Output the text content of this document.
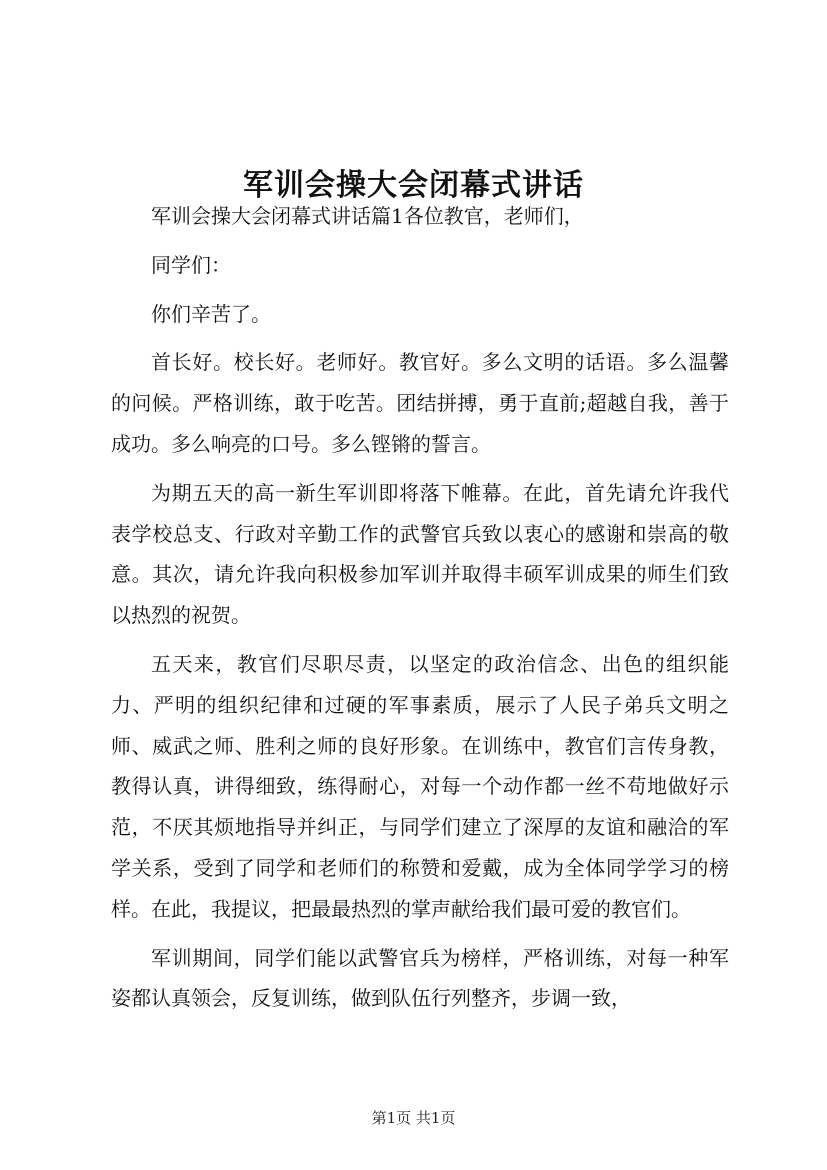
军训会操大会闭幕式讲话

军训会操大会闭幕式讲话篇1各位教官，老师们，

同学们：

你们辛苦了。

首长好。校长好。老师好。教官好。多么文明的话语。多么温馨的问候。严格训练，敢于吃苦。团结拼搏，勇于直前;超越自我，善于成功。多么响亮的口号。多么铿锵的誓言。

为期五天的高一新生军训即将落下帷幕。在此，首先请允许我代表学校总支、行政对辛勤工作的武警官兵致以衷心的感谢和崇高的敬意。其次，请允许我向积极参加军训并取得丰硕军训成果的师生们致以热烈的祝贺。

五天来，教官们尽职尽责，以坚定的政治信念、出色的组织能力、严明的组织纪律和过硬的军事素质，展示了人民子弟兵文明之师、威武之师、胜利之师的良好形象。在训练中，教官们言传身教，教得认真，讲得细致，练得耐心，对每一个动作都一丝不苟地做好示范，不厌其烦地指导并纠正，与同学们建立了深厚的友谊和融洽的军学关系，受到了同学和老师们的称赞和爱戴，成为全体同学学习的榜样。在此，我提议，把最最热烈的掌声献给我们最可爱的教官们。

军训期间，同学们能以武警官兵为榜样，严格训练，对每一种军姿都认真领会，反复训练，做到队伍行列整齐，步调一致，

第1页 共1页
